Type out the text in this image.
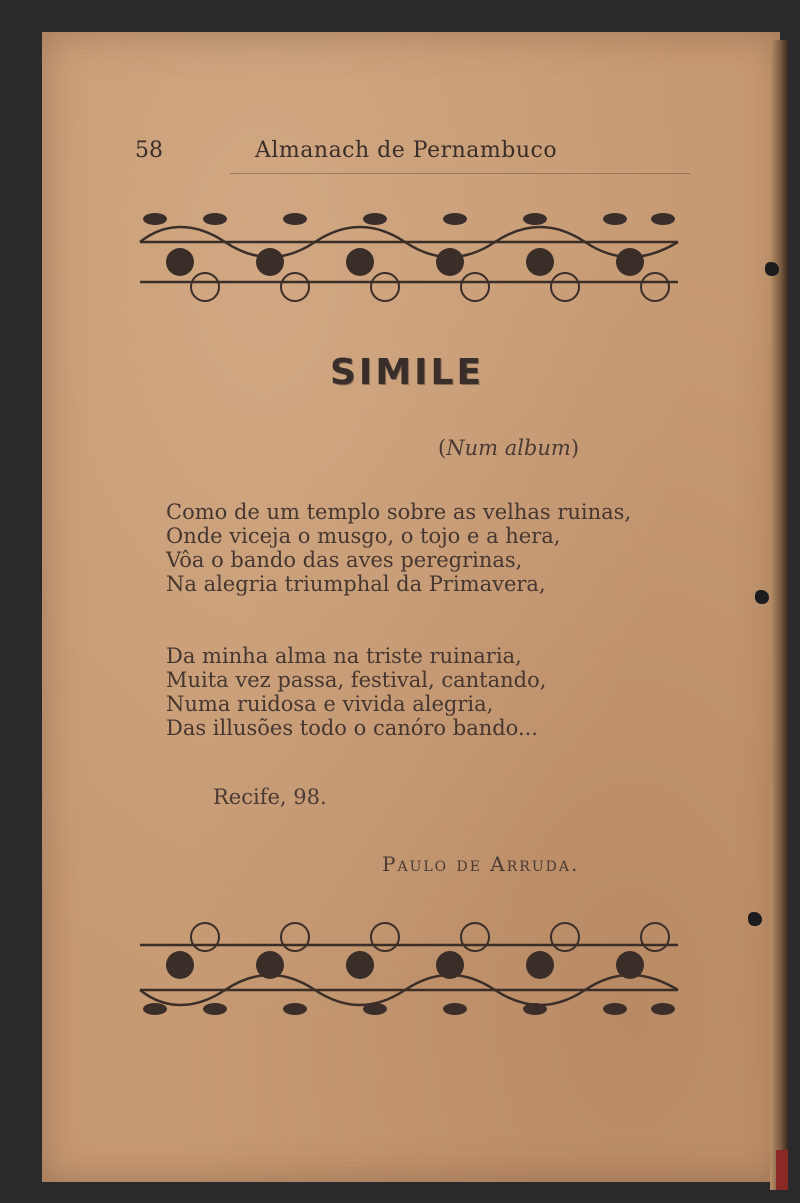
58	Almanach de Pernambuco
SIMILE
(Num album)
Como de um templo sobre as velhas ruinas,
Onde viceja o musgo, o tojo e a hera,
Vôa o bando das aves peregrinas,
Na alegria triumphal da Primavera,
Da minha alma na triste ruinaria,
Muita vez passa, festival, cantando,
Numa ruidosa e vivida alegria,
Das illusões todo o canóro bando...
Recife, 98.
Paulo de Arruda.
